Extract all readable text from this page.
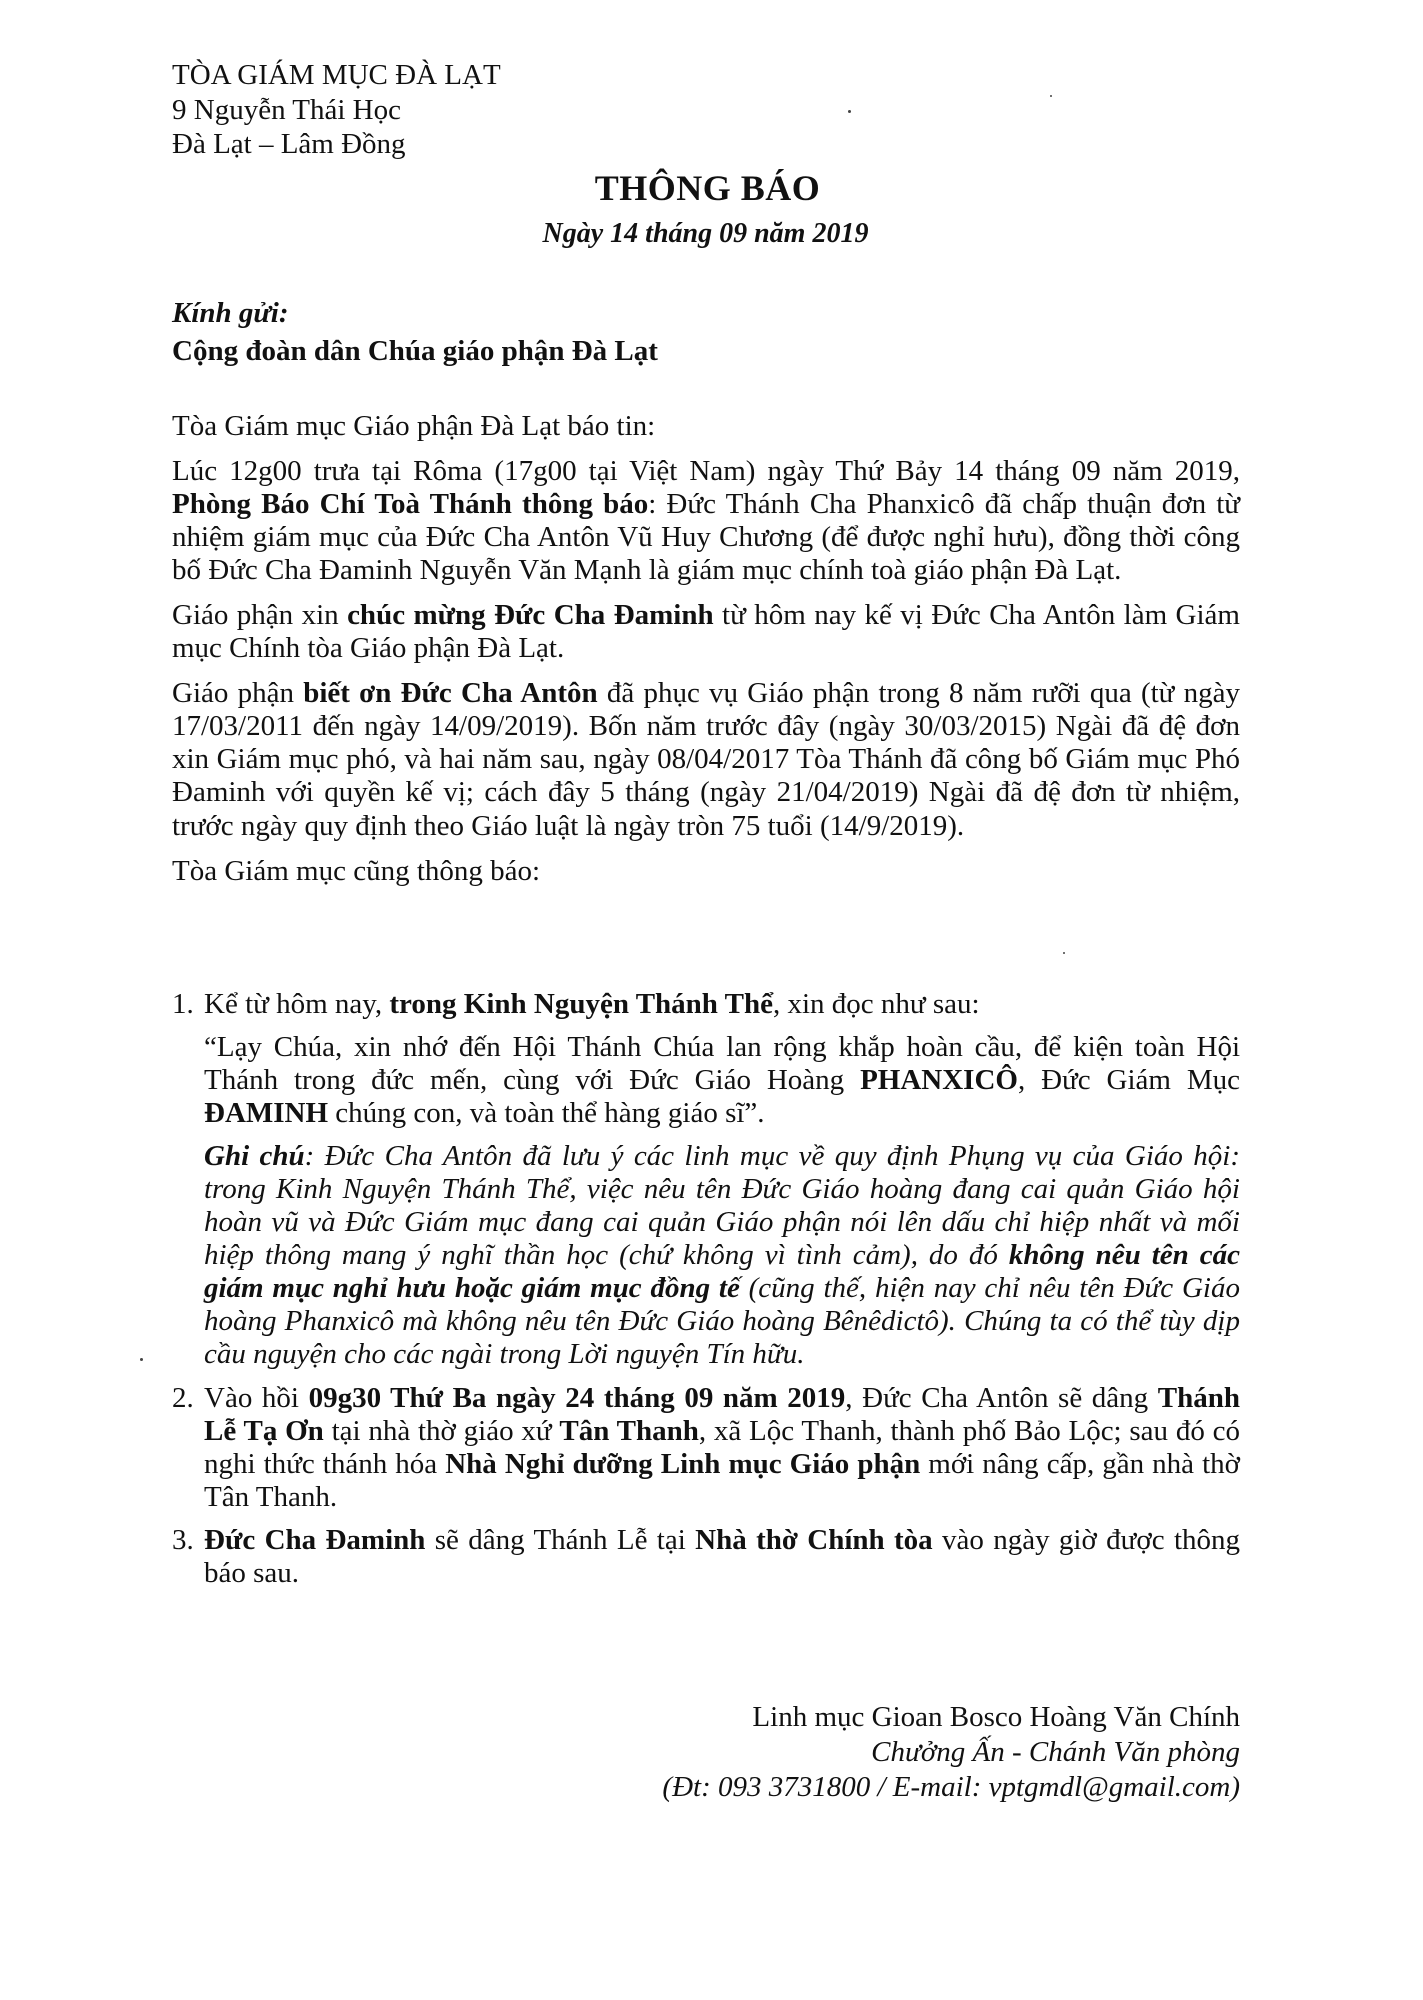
TÒA GIÁM MỤC ĐÀ LẠT
9 Nguyễn Thái Học
Đà Lạt – Lâm Đồng
THÔNG BÁO
Ngày 14 tháng 09 năm 2019
Kính gửi:
Cộng đoàn dân Chúa giáo phận Đà Lạt

Tòa Giám mục Giáo phận Đà Lạt báo tin:

Lúc 12g00 trưa tại Rôma (17g00 tại Việt Nam) ngày Thứ Bảy 14 tháng 09 năm 2019, Phòng Báo Chí Toà Thánh thông báo: Đức Thánh Cha Phanxicô đã chấp thuận đơn từ nhiệm giám mục của Đức Cha Antôn Vũ Huy Chương (để được nghỉ hưu), đồng thời công bố Đức Cha Đaminh Nguyễn Văn Mạnh là giám mục chính toà giáo phận Đà Lạt.

Giáo phận xin chúc mừng Đức Cha Đaminh từ hôm nay kế vị Đức Cha Antôn làm Giám mục Chính tòa Giáo phận Đà Lạt.

Giáo phận biết ơn Đức Cha Antôn đã phục vụ Giáo phận trong 8 năm rưỡi qua (từ ngày 17/03/2011 đến ngày 14/09/2019). Bốn năm trước đây (ngày 30/03/2015) Ngài đã đệ đơn xin Giám mục phó, và hai năm sau, ngày 08/04/2017 Tòa Thánh đã công bố Giám mục Phó Đaminh với quyền kế vị; cách đây 5 tháng (ngày 21/04/2019) Ngài đã đệ đơn từ nhiệm, trước ngày quy định theo Giáo luật là ngày tròn 75 tuổi (14/9/2019).

Tòa Giám mục cũng thông báo:

1. Kể từ hôm nay, trong Kinh Nguyện Thánh Thể, xin đọc như sau:
“Lạy Chúa, xin nhớ đến Hội Thánh Chúa lan rộng khắp hoàn cầu, để kiện toàn Hội Thánh trong đức mến, cùng với Đức Giáo Hoàng PHANXICÔ, Đức Giám Mục ĐAMINH chúng con, và toàn thể hàng giáo sĩ”.
Ghi chú: Đức Cha Antôn đã lưu ý các linh mục về quy định Phụng vụ của Giáo hội: trong Kinh Nguyện Thánh Thể, việc nêu tên Đức Giáo hoàng đang cai quản Giáo hội hoàn vũ và Đức Giám mục đang cai quản Giáo phận nói lên dấu chỉ hiệp nhất và mối hiệp thông mang ý nghĩ thần học (chứ không vì tình cảm), do đó không nêu tên các giám mục nghỉ hưu hoặc giám mục đồng tế (cũng thế, hiện nay chỉ nêu tên Đức Giáo hoàng Phanxicô mà không nêu tên Đức Giáo hoàng Bênêdictô). Chúng ta có thể tùy dịp cầu nguyện cho các ngài trong Lời nguyện Tín hữu.
2. Vào hồi 09g30 Thứ Ba ngày 24 tháng 09 năm 2019, Đức Cha Antôn sẽ dâng Thánh Lễ Tạ Ơn tại nhà thờ giáo xứ Tân Thanh, xã Lộc Thanh, thành phố Bảo Lộc; sau đó có nghi thức thánh hóa Nhà Nghỉ dưỡng Linh mục Giáo phận mới nâng cấp, gần nhà thờ Tân Thanh.
3. Đức Cha Đaminh sẽ dâng Thánh Lễ tại Nhà thờ Chính tòa vào ngày giờ được thông báo sau.
Linh mục Gioan Bosco Hoàng Văn Chính
Chưởng Ấn - Chánh Văn phòng
(Đt: 093 3731800 / E-mail: vptgmdl@gmail.com)
